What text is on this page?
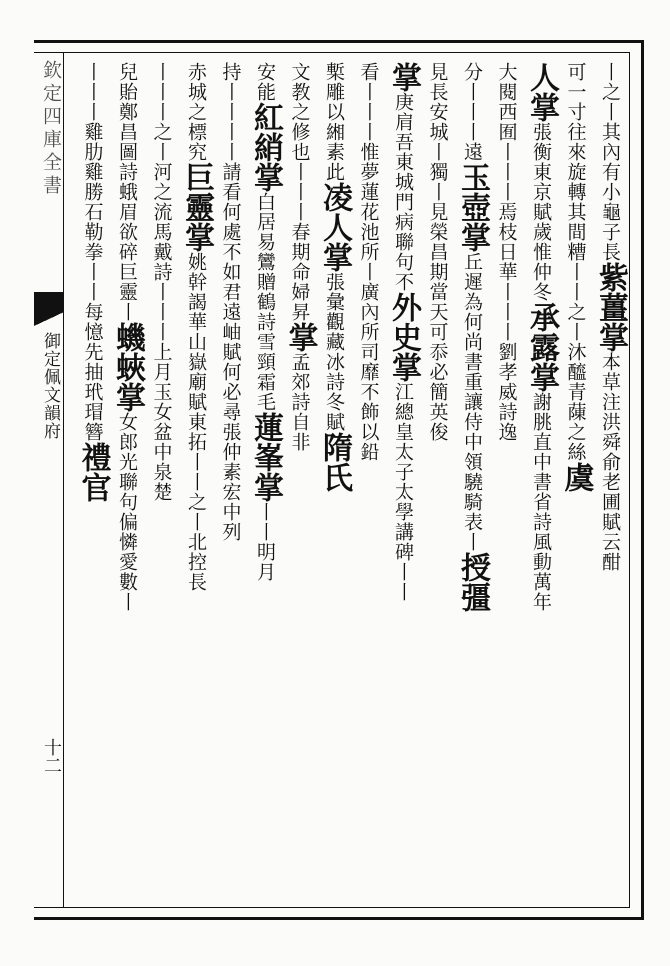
欽定四庫全書
御定佩文韻府
十二
丨之丨其內有小龜子長紫薑掌本草注洪舜俞老圃賦云酣
可一寸往來旋轉其間糟丨丨之丨沐醯青蔯之絲虞
人掌張衡東京賦歲惟仲冬承露掌謝朓直中書省詩風動萬年
大閱西囿丨丨丨焉枝日華丨丨丨劉孝威詩逸
分丨丨丨遠玉壺掌丘遲為何尚書重讓侍中領驍騎表丨授彊
見長安城丨獨丨見榮昌期當天可忝必簡英俊
掌庚肩吾東城門病聯句不外史掌江總皇太子太學講碑丨丨
看丨丨丨惟夢蓮花池所丨廣內所司靡不飾以鉛
槧雕以緗素此凌人掌張彙觀藏冰詩冬賦隋氏
文教之修也丨丨丨春期命婦昇掌孟郊詩自非
安能紅綃掌白居易鸞贈鶴詩雪頸霜毛蓮峯掌丨丨明月
持丨丨丨丨請看何處不如君遠岫賦何必尋張仲素宏中列
赤城之標究巨靈掌姚幹謁華山嶽廟賦東拓丨丨之丨北控長
丨丨丨之丨河之流馬戴詩丨丨丨上月玉女盆中泉楚
兒貽鄭昌圖詩蛾眉欲碎巨靈丨蟣蛺掌女郎光聯句偏憐愛數丨
丨丨丨雞肋雞勝石勒拳丨丨每憶先抽玳瑁簪禮官
